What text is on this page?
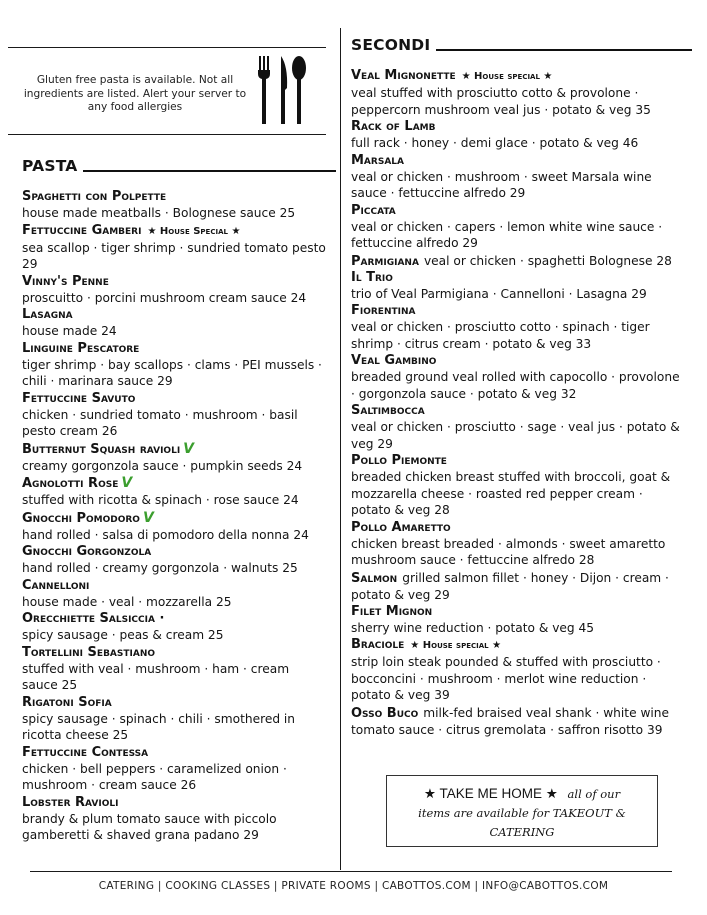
Gluten free pasta is available. Not all ingredients are listed. Alert your server to any food allergies
PASTA
Spaghetti con Polpette
house made meatballs · Bolognese sauce 25
Fettuccine Gamberi ★ House Special ★
sea scallop · tiger shrimp · sundried tomato pesto 29
Vinny's Penne
proscuitto · porcini mushroom cream sauce 24
Lasagna
house made 24
Linguine Pescatore
tiger shrimp · bay scallops · clams · PEI mussels · chili · marinara sauce 29
Fettuccine Savuto
chicken · sundried tomato · mushroom · basil pesto cream 26
Butternut Squash ravioli V
creamy gorgonzola sauce · pumpkin seeds 24
Agnolotti Rose V
stuffed with ricotta & spinach · rose sauce 24
Gnocchi Pomodoro V
hand rolled · salsa di pomodoro della nonna 24
Gnocchi Gorgonzola
hand rolled · creamy gorgonzola · walnuts 25
Cannelloni
house made · veal · mozzarella 25
Orecchiette Salsiccia ·
spicy sausage · peas & cream 25
Tortellini Sebastiano
stuffed with veal · mushroom · ham · cream sauce 25
Rigatoni Sofia
spicy sausage · spinach · chili · smothered in ricotta cheese 25
Fettuccine Contessa
chicken · bell peppers · caramelized onion · mushroom · cream sauce 26
Lobster Ravioli
brandy & plum tomato sauce with piccolo gamberetti & shaved grana padano 29
SECONDI
Veal Mignonette ★ House special ★
veal stuffed with prosciutto cotto & provolone · peppercorn mushroom veal jus · potato & veg 35
Rack of Lamb
full rack · honey · demi glace · potato & veg 46
Marsala
veal or chicken · mushroom · sweet Marsala wine sauce · fettuccine alfredo 29
Piccata
veal or chicken · capers · lemon white wine sauce · fettuccine alfredo 29
Parmigiana veal or chicken · spaghetti Bolognese 28
Il Trio
trio of Veal Parmigiana · Cannelloni · Lasagna 29
Fiorentina
veal or chicken · prosciutto cotto · spinach · tiger shrimp · citrus cream · potato & veg 33
Veal Gambino
breaded ground veal rolled with capocollo · provolone · gorgonzola sauce · potato & veg 32
Saltimbocca
veal or chicken · prosciutto · sage · veal jus · potato & veg 29
Pollo Piemonte
breaded chicken breast stuffed with broccoli, goat & mozzarella cheese · roasted red pepper cream · potato & veg 28
Pollo Amaretto
chicken breast breaded · almonds · sweet amaretto mushroom sauce · fettuccine alfredo 28
Salmon grilled salmon fillet · honey · Dijon · cream · potato & veg 29
Filet Mignon
sherry wine reduction · potato & veg 45
Braciole ★ House special ★
strip loin steak pounded & stuffed with prosciutto · bocconcini · mushroom · merlot wine reduction · potato & veg 39
Osso Buco milk-fed braised veal shank · white wine tomato sauce · citrus gremolata · saffron risotto 39
★ TAKE ME HOME ★ all of our
items are available for TAKEOUT &
CATERING
CATERING | COOKING CLASSES | PRIVATE ROOMS | CABOTTOS.COM | INFO@CABOTTOS.COM
